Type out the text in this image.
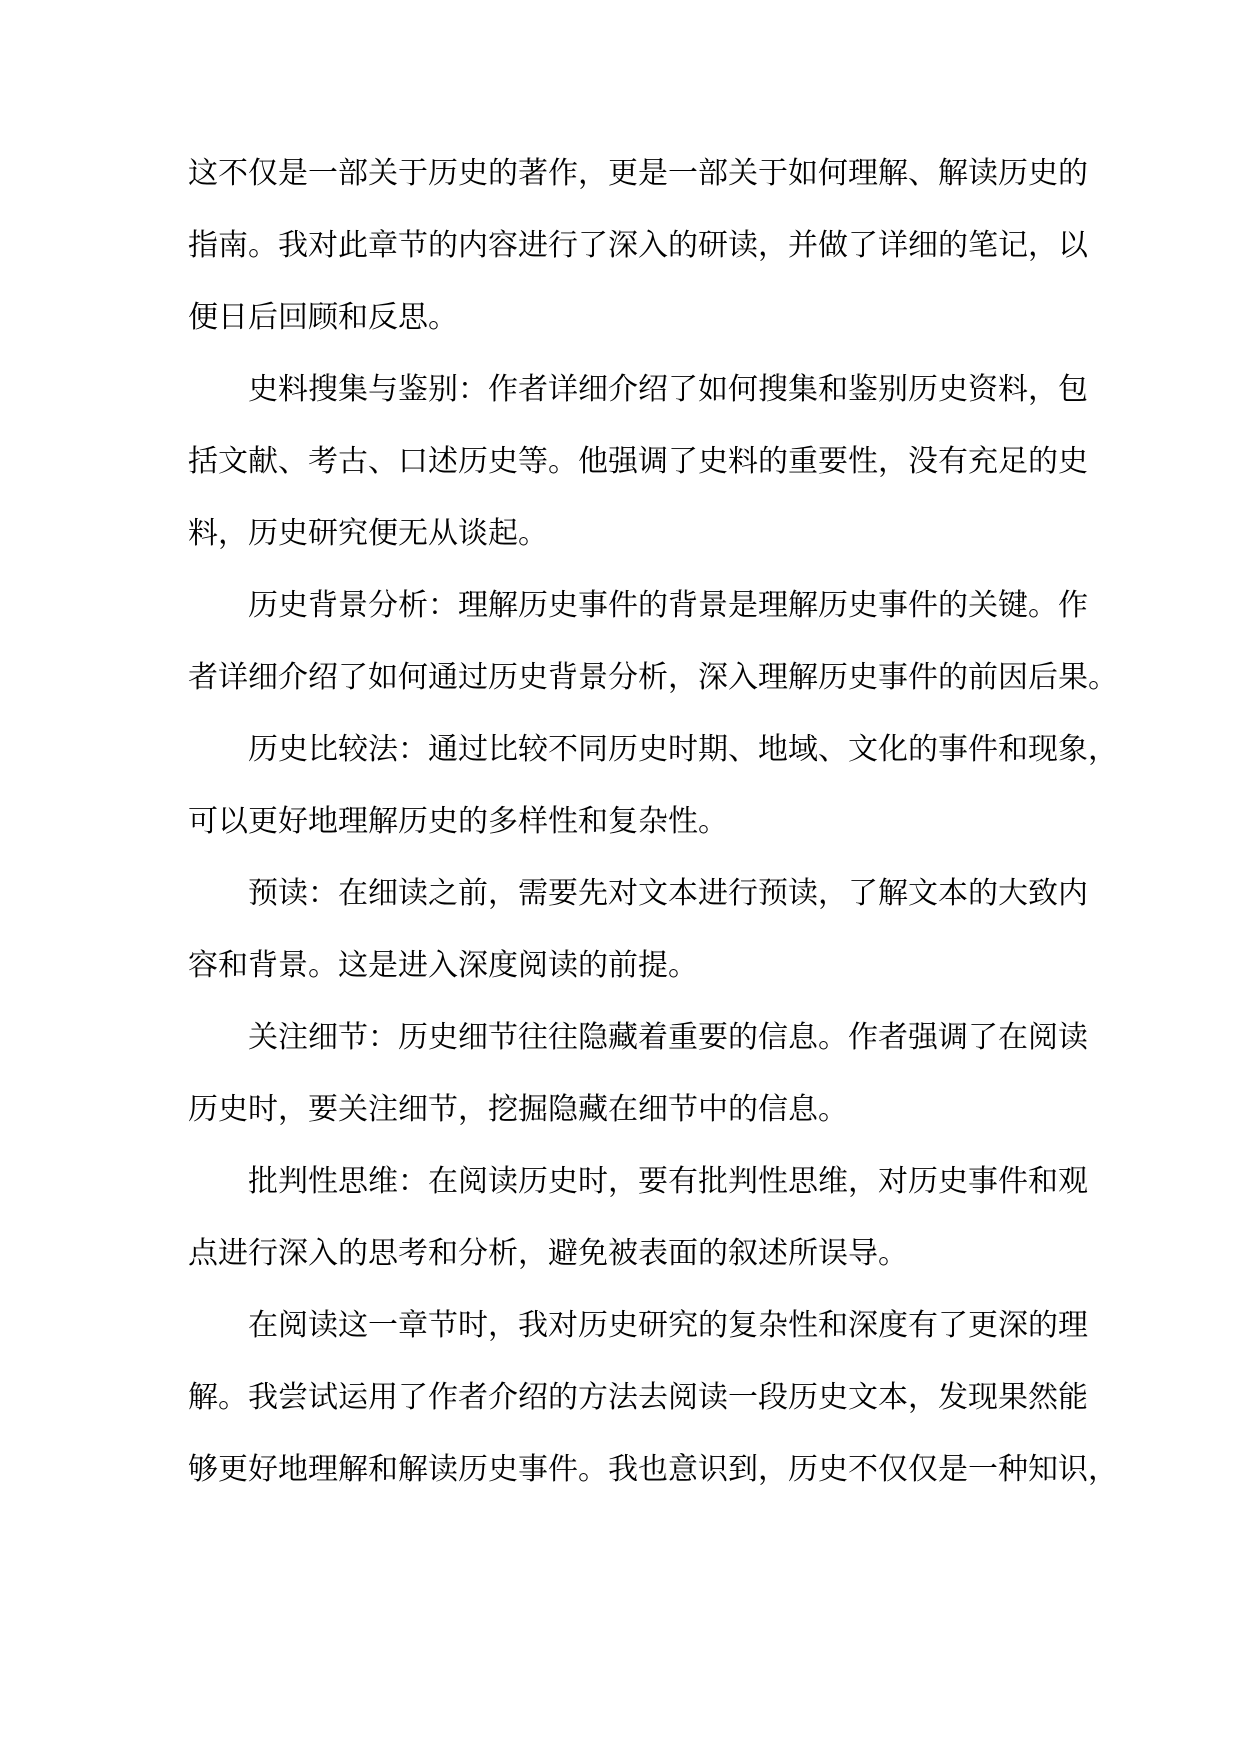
这不仅是一部关于历史的著作，更是一部关于如何理解、解读历史的
指南。我对此章节的内容进行了深入的研读，并做了详细的笔记，以
便日后回顾和反思。
史料搜集与鉴别：作者详细介绍了如何搜集和鉴别历史资料，包
括文献、考古、口述历史等。他强调了史料的重要性，没有充足的史
料，历史研究便无从谈起。
历史背景分析：理解历史事件的背景是理解历史事件的关键。作
者详细介绍了如何通过历史背景分析，深入理解历史事件的前因后果。
历史比较法：通过比较不同历史时期、地域、文化的事件和现象，
可以更好地理解历史的多样性和复杂性。
预读：在细读之前，需要先对文本进行预读，了解文本的大致内
容和背景。这是进入深度阅读的前提。
关注细节：历史细节往往隐藏着重要的信息。作者强调了在阅读
历史时，要关注细节，挖掘隐藏在细节中的信息。
批判性思维：在阅读历史时，要有批判性思维，对历史事件和观
点进行深入的思考和分析，避免被表面的叙述所误导。
在阅读这一章节时，我对历史研究的复杂性和深度有了更深的理
解。我尝试运用了作者介绍的方法去阅读一段历史文本，发现果然能
够更好地理解和解读历史事件。我也意识到，历史不仅仅是一种知识，
